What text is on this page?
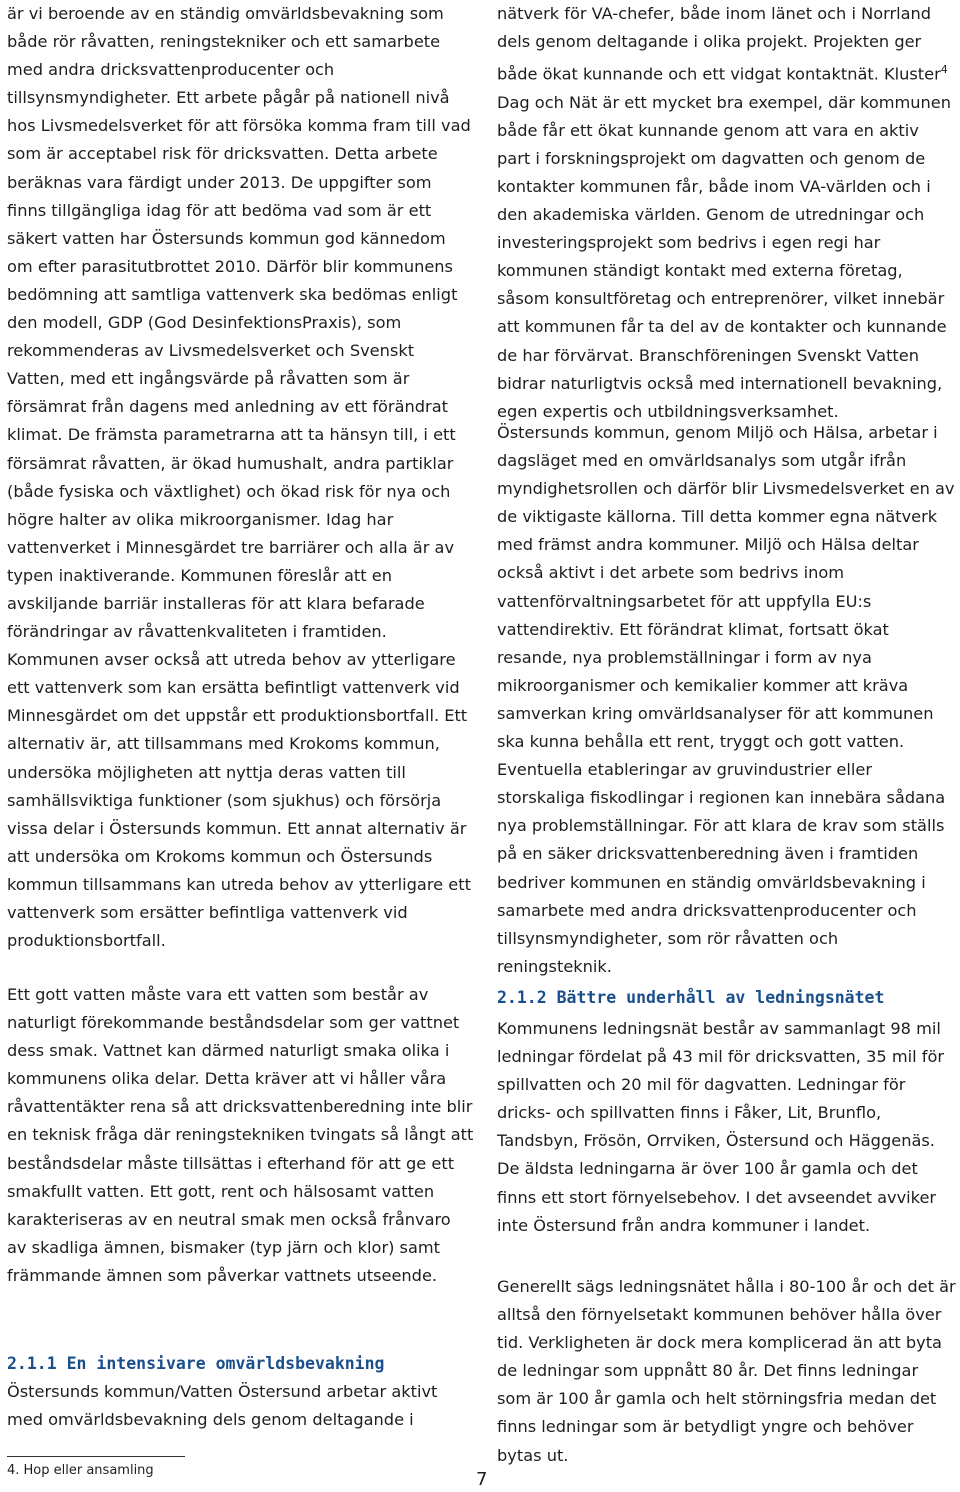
är vi beroende av en ständig omvärldsbevakning som både rör råvatten, reningstekniker och ett samarbete med andra dricksvattenproducenter och tillsynsmyndigheter. Ett arbete pågår på nationell nivå hos Livsmedelsverket för att försöka komma fram till vad som är acceptabel risk för dricksvatten. Detta arbete beräknas vara färdigt under 2013. De uppgifter som finns tillgängliga idag för att bedöma vad som är ett säkert vatten har Östersunds kommun god kännedom om efter parasitutbrottet 2010. Därför blir kommunens bedömning att samtliga vattenverk ska bedömas enligt den modell, GDP (God DesinfektionsPraxis), som rekommenderas av Livsmedelsverket och Svenskt Vatten, med ett ingångsvärde på råvatten som är försämrat från dagens med anledning av ett förändrat klimat. De främsta parametrarna att ta hänsyn till, i ett försämrat råvatten, är ökad humushalt, andra partiklar (både fysiska och växtlighet) och ökad risk för nya och högre halter av olika mikroorganismer. Idag har vattenverket i Minnesgärdet tre barriärer och alla är av typen inaktiverande. Kommunen föreslår att en avskiljande barriär installeras för att klara befarade förändringar av råvattenkvaliteten i framtiden. Kommunen avser också att utreda behov av ytterligare ett vattenverk som kan ersätta befintligt vattenverk vid Minnesgärdet om det uppstår ett produktionsbortfall. Ett alternativ är, att tillsammans med Krokoms kommun, undersöka möjligheten att nyttja deras vatten till samhällsviktiga funktioner (som sjukhus) och försörja vissa delar i Östersunds kommun. Ett annat alternativ är att undersöka om Krokoms kommun och Östersunds kommun tillsammans kan utreda behov av ytterligare ett vattenverk som ersätter befintliga vattenverk vid produktionsbortfall.

Ett gott vatten måste vara ett vatten som består av naturligt förekommande beståndsdelar som ger vattnet dess smak. Vattnet kan därmed naturligt smaka olika i kommunens olika delar. Detta kräver att vi håller våra råvattentäkter rena så att dricksvattenberedning inte blir en teknisk fråga där reningstekniken tvingats så långt att beståndsdelar måste tillsättas i efterhand för att ge ett smakfullt vatten. Ett gott, rent och hälsosamt vatten karakteriseras av en neutral smak men också frånvaro av skadliga ämnen, bismaker (typ järn och klor) samt främmande ämnen som påverkar vattnets utseende.

2.1.1 En intensivare omvärldsbevakning

Östersunds kommun/Vatten Östersund arbetar aktivt med omvärldsbevakning dels genom deltagande i

nätverk för VA-chefer, både inom länet och i Norrland dels genom deltagande i olika projekt. Projekten ger både ökat kunnande och ett vidgat kontaktnät. Kluster$^4$ Dag och Nät är ett mycket bra exempel, där kommunen både får ett ökat kunnande genom att vara en aktiv part i forskningsprojekt om dagvatten och genom de kontakter kommunen får, både inom VA-världen och i den akademiska världen. Genom de utredningar och investeringsprojekt som bedrivs i egen regi har kommunen ständigt kontakt med externa företag, såsom konsultföretag och entreprenörer, vilket innebär att kommunen får ta del av de kontakter och kunnande de har förvärvat. Branschföreningen Svenskt Vatten bidrar naturligtvis också med internationell bevakning, egen expertis och utbildningsverksamhet.

Östersunds kommun, genom Miljö och Hälsa, arbetar i dagsläget med en omvärldsanalys som utgår ifrån myndighetsrollen och därför blir Livsmedelsverket en av de viktigaste källorna. Till detta kommer egna nätverk med främst andra kommuner. Miljö och Hälsa deltar också aktivt i det arbete som bedrivs inom vattenförvaltningsarbetet för att uppfylla EU:s vattendirektiv. Ett förändrat klimat, fortsatt ökat resande, nya problemställningar i form av nya mikroorganismer och kemikalier kommer att kräva samverkan kring omvärldsanalyser för att kommunen ska kunna behålla ett rent, tryggt och gott vatten. Eventuella etableringar av gruvindustrier eller storskaliga fiskodlingar i regionen kan innebära sådana nya problemställningar. För att klara de krav som ställs på en säker dricksvattenberedning även i framtiden bedriver kommunen en ständig omvärldsbevakning i samarbete med andra dricksvattenproducenter och tillsynsmyndigheter, som rör råvatten och reningsteknik.

2.1.2 Bättre underhåll av ledningsnätet

Kommunens ledningsnät består av sammanlagt 98 mil ledningar fördelat på 43 mil för dricksvatten, 35 mil för spillvatten och 20 mil för dagvatten. Ledningar för dricks- och spillvatten finns i Fåker, Lit, Brunflo, Tandsbyn, Frösön, Orrviken, Östersund och Häggenäs. De äldsta ledningarna är över 100 år gamla och det finns ett stort förnyelsebehov. I det avseendet avviker inte Östersund från andra kommuner i landet.

Generellt sägs ledningsnätet hålla i 80-100 år och det är alltså den förnyelsetakt kommunen behöver hålla över tid. Verkligheten är dock mera komplicerad än att byta de ledningar som uppnått 80 år. Det finns ledningar som är 100 år gamla och helt störningsfria medan det finns ledningar som är betydligt yngre och behöver bytas ut.

4. Hop eller ansamling	7
